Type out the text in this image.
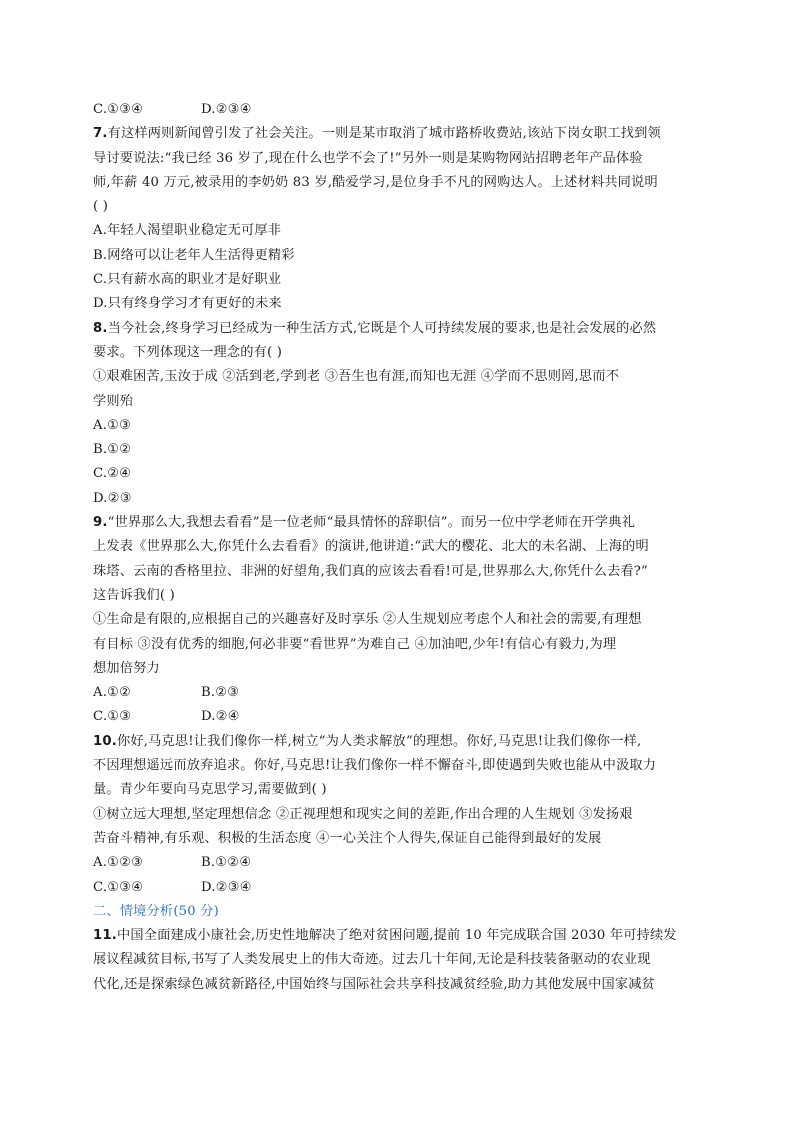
C.①③④	D.②③④
7.有这样两则新闻曾引发了社会关注。一则是某市取消了城市路桥收费站,该站下岗女职工找到领
导讨要说法:“我已经 36 岁了,现在什么也学不会了!”另外一则是某购物网站招聘老年产品体验
师,年薪 40 万元,被录用的李奶奶 83 岁,酷爱学习,是位身手不凡的网购达人。上述材料共同说明
( )
A.年轻人渴望职业稳定无可厚非
B.网络可以让老年人生活得更精彩
C.只有薪水高的职业才是好职业
D.只有终身学习才有更好的未来
8.当今社会,终身学习已经成为一种生活方式,它既是个人可持续发展的要求,也是社会发展的必然
要求。下列体现这一理念的有( )
①艰难困苦,玉汝于成 ②活到老,学到老 ③吾生也有涯,而知也无涯 ④学而不思则罔,思而不
学则殆
A.①③
B.①②
C.②④
D.②③
9.“世界那么大,我想去看看”是一位老师“最具情怀的辞职信”。而另一位中学老师在开学典礼
上发表《世界那么大,你凭什么去看看》的演讲,他讲道:“武大的樱花、北大的未名湖、上海的明
珠塔、云南的香格里拉、非洲的好望角,我们真的应该去看看!可是,世界那么大,你凭什么去看?”
这告诉我们( )
①生命是有限的,应根据自己的兴趣喜好及时享乐 ②人生规划应考虑个人和社会的需要,有理想
有目标 ③没有优秀的细胞,何必非要“看世界”为难自己 ④加油吧,少年!有信心有毅力,为理
想加倍努力
A.①②	B.②③
C.①③	D.②④
10.你好,马克思!让我们像你一样,树立“为人类求解放”的理想。你好,马克思!让我们像你一样,
不因理想遥远而放弃追求。你好,马克思!让我们像你一样不懈奋斗,即使遇到失败也能从中汲取力
量。青少年要向马克思学习,需要做到( )
①树立远大理想,坚定理想信念 ②正视理想和现实之间的差距,作出合理的人生规划 ③发扬艰
苦奋斗精神,有乐观、积极的生活态度 ④一心关注个人得失,保证自己能得到最好的发展
A.①②③	B.①②④
C.①③④	D.②③④
二、情境分析(50 分)
11.中国全面建成小康社会,历史性地解决了绝对贫困问题,提前 10 年完成联合国 2030 年可持续发
展议程减贫目标,书写了人类发展史上的伟大奇迹。过去几十年间,无论是科技装备驱动的农业现
代化,还是探索绿色减贫新路径,中国始终与国际社会共享科技减贫经验,助力其他发展中国家减贫
